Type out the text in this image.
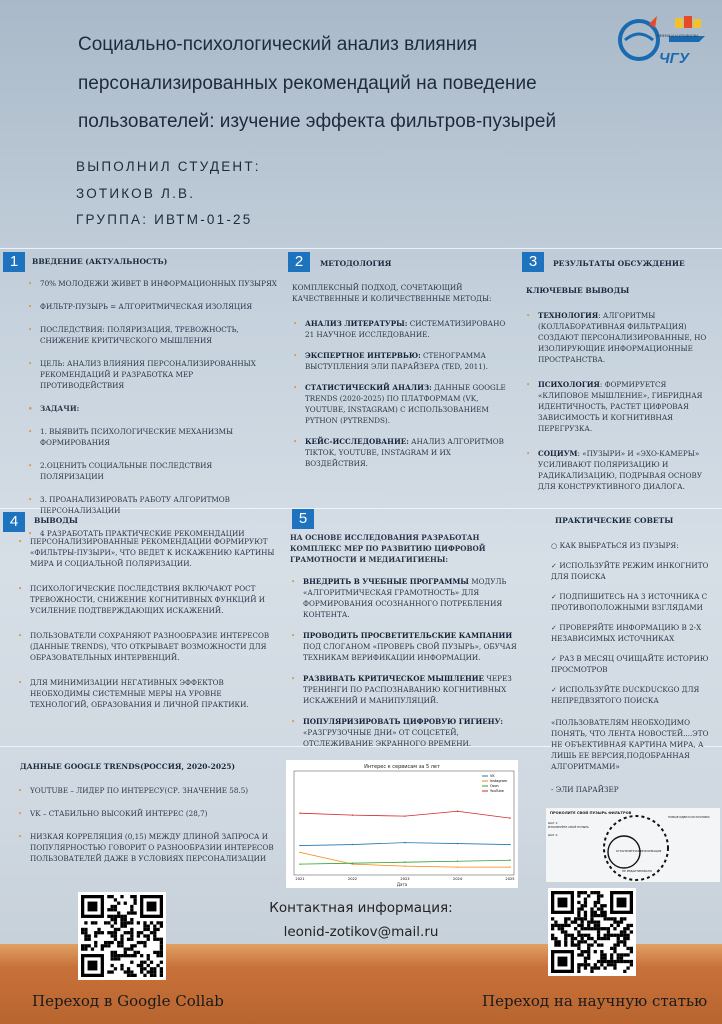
Социально-психологический анализ влияния персонализированных рекомендаций на поведение пользователей: изучение эффекта фильтров-пузырей
ВЫПОЛНИЛ СТУДЕНТ:
ЗОТИКОВ Л.В.
ГРУППА: ИВТМ-01-25
ИМЕНИ И.Н.УЛЬЯНОВА
ЧГУ
1	ВВЕДЕНИЕ (АКТУАЛЬНОСТЬ)
• 70% МОЛОДЕЖИ ЖИВЕТ В ИНФОРМАЦИОННЫХ ПУЗЫРЯХ
• ФИЛЬТР-ПУЗЫРЬ = АЛГОРИТМИЧЕСКАЯ ИЗОЛЯЦИЯ
• ПОСЛЕДСТВИЯ: ПОЛЯРИЗАЦИЯ, ТРЕВОЖНОСТЬ, СНИЖЕНИЕ КРИТИЧЕСКОГО МЫШЛЕНИЯ
• ЦЕЛЬ: АНАЛИЗ ВЛИЯНИЯ ПЕРСОНАЛИЗИРОВАННЫХ РЕКОМЕНДАЦИЙ И РАЗРАБОТКА МЕР ПРОТИВОДЕЙСТВИЯ
• ЗАДАЧИ:
• 1. ВЫЯВИТЬ ПСИХОЛОГИЧЕСКИЕ МЕХАНИЗМЫ ФОРМИРОВАНИЯ
• 2.ОЦЕНИТЬ СОЦИАЛЬНЫЕ ПОСЛЕДСТВИЯ ПОЛЯРИЗАЦИИ
• 3. ПРОАНАЛИЗИРОВАТЬ РАБОТУ АЛГОРИТМОВ ПЕРСОНАЛИЗАЦИИ
• 4 РАЗРАБОТАТЬ ПРАКТИЧЕСКИЕ РЕКОМЕНДАЦИИ
2	МЕТОДОЛОГИЯ
КОМПЛЕКСНЫЙ ПОДХОД, СОЧЕТАЮЩИЙ КАЧЕСТВЕННЫЕ И КОЛИЧЕСТВЕННЫЕ МЕТОДЫ:
• АНАЛИЗ ЛИТЕРАТУРЫ: СИСТЕМАТИЗИРОВАНО 21 НАУЧНОЕ ИССЛЕДОВАНИЕ.
• ЭКСПЕРТНОЕ ИНТЕРВЬЮ: СТЕНОГРАММА ВЫСТУПЛЕНИЯ ЭЛИ ПАРАЙЗЕРА (TED, 2011).
• СТАТИСТИЧЕСКИЙ АНАЛИЗ: ДАННЫЕ GOOGLE TRENDS (2020-2025) ПО ПЛАТФОРМАМ (VK, YOUTUBE, INSTAGRAM) С ИСПОЛЬЗОВАНИЕМ PYTHON (PYTRENDS).
• КЕЙС-ИССЛЕДОВАНИЕ: АНАЛИЗ АЛГОРИТМОВ TIKTOK, YOUTUBE, INSTAGRAM И ИХ ВОЗДЕЙСТВИЯ.
3	РЕЗУЛЬТАТЫ ОБСУЖДЕНИЕ
КЛЮЧЕВЫЕ ВЫВОДЫ
• ТЕХНОЛОГИЯ: АЛГОРИТМЫ (КОЛЛАБОРАТИВНАЯ ФИЛЬТРАЦИЯ) СОЗДАЮТ ПЕРСОНАЛИЗИРОВАННЫЕ, НО ИЗОЛИРУЮЩИЕ ИНФОРМАЦИОННЫЕ ПРОСТРАНСТВА.
• ПСИХОЛОГИЯ: ФОРМИРУЕТСЯ «КЛИПОВОЕ МЫШЛЕНИЕ», ГИБРИДНАЯ ИДЕНТИЧНОСТЬ, РАСТЕТ ЦИФРОВАЯ ЗАВИСИМОСТЬ И КОГНИТИВНАЯ ПЕРЕГРУЗКА.
• СОЦИУМ: «ПУЗЫРИ» И «ЭХО-КАМЕРЫ» УСИЛИВАЮТ ПОЛЯРИЗАЦИЮ И РАДИКАЛИЗАЦИЮ, ПОДРЫВАЯ ОСНОВУ ДЛЯ КОНСТРУКТИВНОГО ДИАЛОГА.
4	ВЫВОДЫ
• ПЕРСОНАЛИЗИРОВАННЫЕ РЕКОМЕНДАЦИИ ФОРМИРУЮТ «ФИЛЬТРЫ-ПУЗЫРИ», ЧТО ВЕДЕТ К ИСКАЖЕНИЮ КАРТИНЫ МИРА И СОЦИАЛЬНОЙ ПОЛЯРИЗАЦИИ.
• ПСИХОЛОГИЧЕСКИЕ ПОСЛЕДСТВИЯ ВКЛЮЧАЮТ РОСТ ТРЕВОЖНОСТИ, СНИЖЕНИЕ КОГНИТИВНЫХ ФУНКЦИЙ И УСИЛЕНИЕ ПОДТВЕРЖДАЮЩИХ ИСКАЖЕНИЙ.
• ПОЛЬЗОВАТЕЛИ СОХРАНЯЮТ РАЗНООБРАЗИЕ ИНТЕРЕСОВ (ДАННЫЕ TRENDS), ЧТО ОТКРЫВАЕТ ВОЗМОЖНОСТИ ДЛЯ ОБРАЗОВАТЕЛЬНЫХ ИНТЕРВЕНЦИЙ.
• ДЛЯ МИНИМИЗАЦИИ НЕГАТИВНЫХ ЭФФЕКТОВ НЕОБХОДИМЫ СИСТЕМНЫЕ МЕРЫ НА УРОВНЕ ТЕХНОЛОГИЙ, ОБРАЗОВАНИЯ И ЛИЧНОЙ ПРАКТИКИ.
5
НА ОСНОВЕ ИССЛЕДОВАНИЯ РАЗРАБОТАН КОМПЛЕКС МЕР ПО РАЗВИТИЮ ЦИФРОВОЙ ГРАМОТНОСТИ И МЕДИАГИГИЕНЫ:
• ВНЕДРИТЬ В УЧЕБНЫЕ ПРОГРАММЫ МОДУЛЬ «АЛГОРИТМИЧЕСКАЯ ГРАМОТНОСТЬ» ДЛЯ ФОРМИРОВАНИЯ ОСОЗНАННОГО ПОТРЕБЛЕНИЯ КОНТЕНТА.
• ПРОВОДИТЬ ПРОСВЕТИТЕЛЬСКИЕ КАМПАНИИ ПОД СЛОГАНОМ «ПРОВЕРЬ СВОЙ ПУЗЫРЬ», ОБУЧАЯ ТЕХНИКАМ ВЕРИФИКАЦИИ ИНФОРМАЦИИ.
• РАЗВИВАТЬ КРИТИЧЕСКОЕ МЫШЛЕНИЕ ЧЕРЕЗ ТРЕНИНГИ ПО РАСПОЗНАВАНИЮ КОГНИТИВНЫХ ИСКАЖЕНИЙ И МАНИПУЛЯЦИЙ.
• ПОПУЛЯРИЗИРОВАТЬ ЦИФРОВУЮ ГИГИЕНУ: «РАЗГРУЗОЧНЫЕ ДНИ» ОТ СОЦСЕТЕЙ, ОТСЛЕЖИВАНИЕ ЭКРАННОГО ВРЕМЕНИ.
ПРАКТИЧЕСКИЕ СОВЕТЫ
○ КАК ВЫБРАТЬСЯ ИЗ ПУЗЫРЯ:
✓ ИСПОЛЬЗУЙТЕ РЕЖИМ ИНКОГНИТО ДЛЯ ПОИСКА
✓ ПОДПИШИТЕСЬ НА 3 ИСТОЧНИКА С ПРОТИВОПОЛОЖНЫМИ ВЗГЛЯДАМИ
✓ ПРОВЕРЯЙТЕ ИНФОРМАЦИЮ В 2-Х НЕЗАВИСИМЫХ ИСТОЧНИКАХ
✓ РАЗ В МЕСЯЦ ОЧИЩАЙТЕ ИСТОРИЮ ПРОСМОТРОВ
✓ ИСПОЛЬЗУЙТЕ DUCKDUCKGO ДЛЯ НЕПРЕДВЗЯТОГО ПОИСКА
«ПОЛЬЗОВАТЕЛЯМ НЕОБХОДИМО ПОНЯТЬ, ЧТО ЛЕНТА НОВОСТЕЙ....ЭТО НЕ ОБЪЕКТИВНАЯ КАРТИНА МИРА, А ЛИШЬ ЕЕ ВЕРСИЯ,ПОДОБРАННАЯ АЛГОРИТМАМИ»
- ЭЛИ ПАРАЙЗЕР
ДАННЫЕ GOOGLE TRENDS(РОССИЯ, 2020-2025)
• YOUTUBE – ЛИДЕР ПО ИНТЕРЕСУ(СР. ЗНАЧЕНИЕ 58.5)
• VK – СТАБИЛЬНО ВЫСОКИЙ ИНТЕРЕС (28,7)
• НИЗКАЯ КОРРЕЛЯЦИЯ (0,15) МЕЖДУ ДЛИНОЙ ЗАПРОСА И ПОПУЛЯРНОСТЬЮ ГОВОРИТ О РАЗНООБРАЗИИ ИНТЕРЕСОВ ПОЛЬЗОВАТЕЛЕЙ ДАЖЕ В УСЛОВИЯХ ПЕРСОНАЛИЗАЦИИ
Интерес к сервисам за 5 лет
Дата
2021	2022	2023	2024	2025
VK
Instagram
Ozon
YouTube
ПРОКОЛИТЕ СВОЙ ПУЗЫРЬ ФИЛЬТРОВ
ОГРАНИЧЕННАЯ ИНФОРМАЦИЯ
ШАГ 1:
ИЗОЛИРУЙТЕ СВОЙ ПУЗЫРЬ
ШАГ 2:
НОВЫЕ ИДЕИ И ИСТОЧНИКИ
НЕ РЕДАКТИРОВАНО
Контактная информация:
leonid-zotikov@mail.ru
Переход в Google Collab	Переход на научную статью
